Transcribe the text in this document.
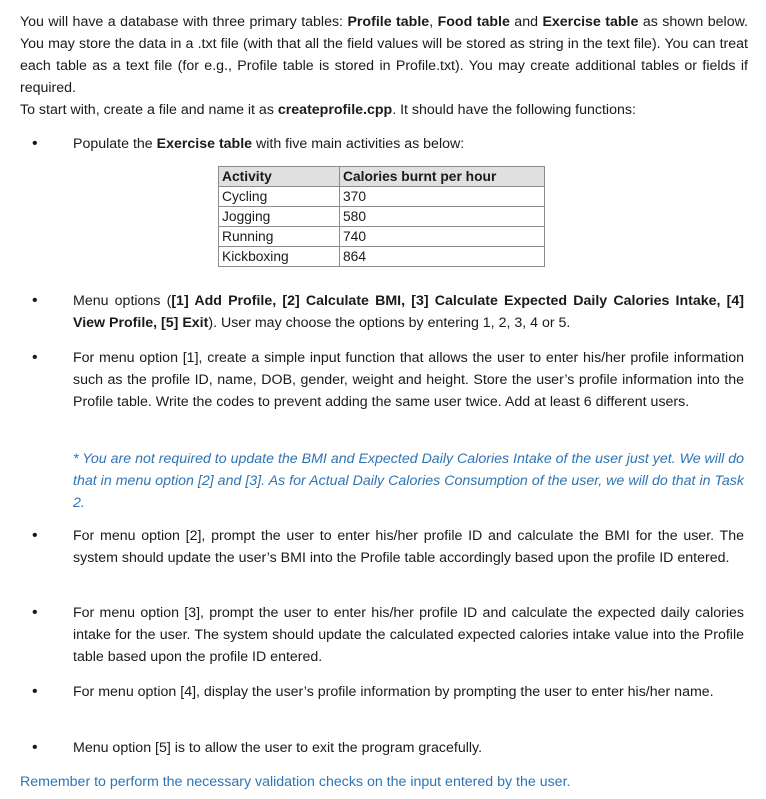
You will have a database with three primary tables: Profile table, Food table and Exercise table as shown below. You may store the data in a .txt file (with that all the field values will be stored as string in the text file). You can treat each table as a text file (for e.g., Profile table is stored in Profile.txt). You may create additional tables or fields if required.

To start with, create a file and name it as createprofile.cpp. It should have the following functions:

• Populate the Exercise table with five main activities as below:

Activity	Calories burnt per hour
Cycling	370
Jogging	580
Running	740
Kickboxing	864
• Menu options ([1] Add Profile, [2] Calculate BMI, [3] Calculate Expected Daily Calories Intake, [4] View Profile, [5] Exit). User may choose the options by entering 1, 2, 3, 4 or 5.

• For menu option [1], create a simple input function that allows the user to enter his/her profile information such as the profile ID, name, DOB, gender, weight and height. Store the user’s profile information into the Profile table. Write the codes to prevent adding the same user twice. Add at least 6 different users.

* You are not required to update the BMI and Expected Daily Calories Intake of the user just yet. We will do that in menu option [2] and [3]. As for Actual Daily Calories Consumption of the user, we will do that in Task 2.

• For menu option [2], prompt the user to enter his/her profile ID and calculate the BMI for the user. The system should update the user’s BMI into the Profile table accordingly based upon the profile ID entered.

• For menu option [3], prompt the user to enter his/her profile ID and calculate the expected daily calories intake for the user. The system should update the calculated expected calories intake value into the Profile table based upon the profile ID entered.

• For menu option [4], display the user’s profile information by prompting the user to enter his/her name.

• Menu option [5] is to allow the user to exit the program gracefully.

Remember to perform the necessary validation checks on the input entered by the user.
